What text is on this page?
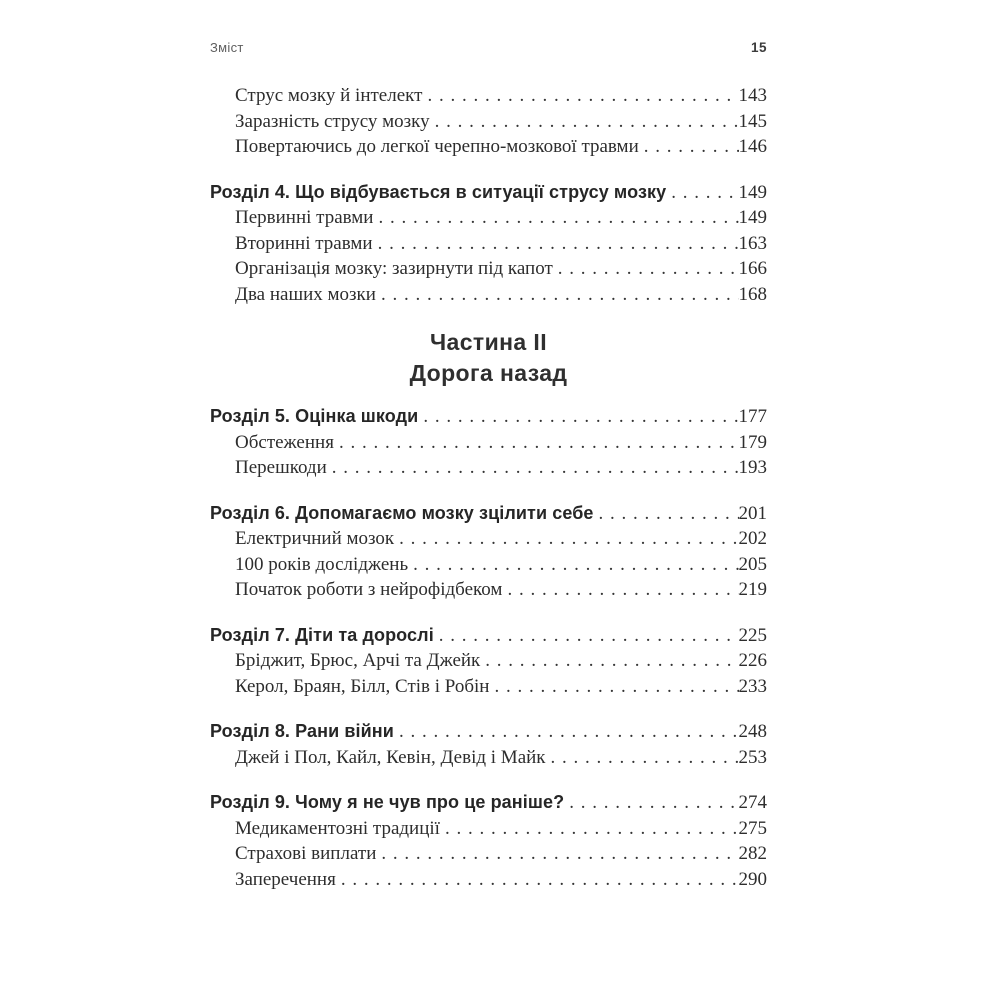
Зміст	15
Струс мозку й інтелект . . .	143
Заразність струсу мозку . . .	145
Повертаючись до легкої черепно-мозкової травми . . .	146
Розділ 4. Що відбувається в ситуації струсу мозку . . .	149
Первинні травми . . .	149
Вторинні травми . . .	163
Організація мозку: зазирнути під капот . . .	166
Два наших мозки . . .	168
Частина II
Дорога назад
Розділ 5. Оцінка шкоди . . .	177
Обстеження . . .	179
Перешкоди . . .	193
Розділ 6. Допомагаємо мозку зцілити себе . . .	201
Електричний мозок . . .	202
100 років досліджень . . .	205
Початок роботи з нейрофідбеком . . .	219
Розділ 7. Діти та дорослі . . .	225
Бріджит, Брюс, Арчі та Джейк . . .	226
Керол, Браян, Білл, Стів і Робін . . .	233
Розділ 8. Рани війни . . .	248
Джей і Пол, Кайл, Кевін, Девід і Майк . . .	253
Розділ 9. Чому я не чув про це раніше? . . .	274
Медикаментозні традиції . . .	275
Страхові виплати . . .	282
Заперечення . . .	290
